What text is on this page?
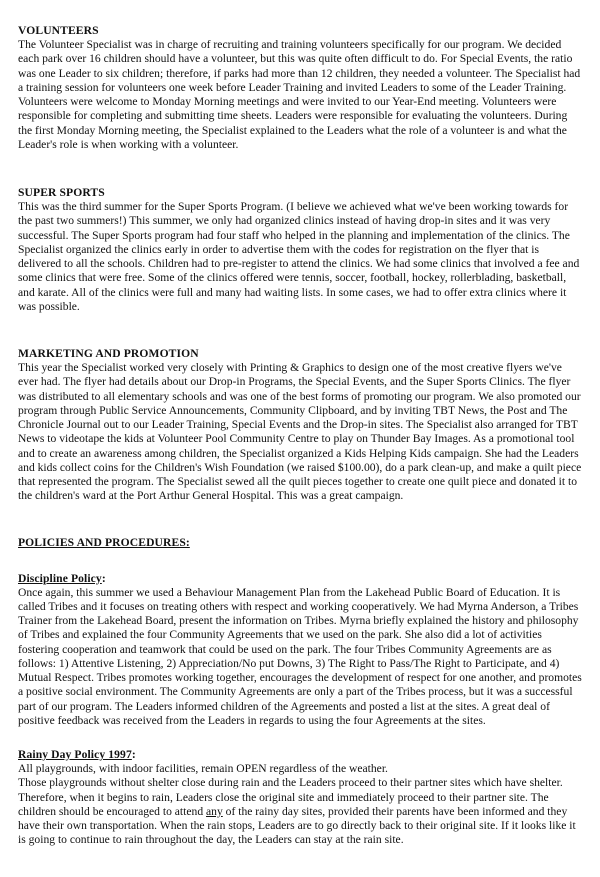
VOLUNTEERS

The Volunteer Specialist was in charge of recruiting and training volunteers specifically for our program. We decided each park over 16 children should have a volunteer, but this was quite often difficult to do. For Special Events, the ratio was one Leader to six children; therefore, if parks had more than 12 children, they needed a volunteer. The Specialist had a training session for volunteers one week before Leader Training and invited Leaders to some of the Leader Training. Volunteers were welcome to Monday Morning meetings and were invited to our Year-End meeting. Volunteers were responsible for completing and submitting time sheets. Leaders were responsible for evaluating the volunteers. During the first Monday Morning meeting, the Specialist explained to the Leaders what the role of a volunteer is and what the Leader's role is when working with a volunteer.

SUPER SPORTS

This was the third summer for the Super Sports Program. (I believe we achieved what we've been working towards for the past two summers!) This summer, we only had organized clinics instead of having drop-in sites and it was very successful. The Super Sports program had four staff who helped in the planning and implementation of the clinics. The Specialist organized the clinics early in order to advertise them with the codes for registration on the flyer that is delivered to all the schools. Children had to pre-register to attend the clinics. We had some clinics that involved a fee and some clinics that were free. Some of the clinics offered were tennis, soccer, football, hockey, rollerblading, basketball, and karate. All of the clinics were full and many had waiting lists. In some cases, we had to offer extra clinics where it was possible.

MARKETING AND PROMOTION

This year the Specialist worked very closely with Printing & Graphics to design one of the most creative flyers we've ever had. The flyer had details about our Drop-in Programs, the Special Events, and the Super Sports Clinics. The flyer was distributed to all elementary schools and was one of the best forms of promoting our program. We also promoted our program through Public Service Announcements, Community Clipboard, and by inviting TBT News, the Post and The Chronicle Journal out to our Leader Training, Special Events and the Drop-in sites. The Specialist also arranged for TBT News to videotape the kids at Volunteer Pool Community Centre to play on Thunder Bay Images. As a promotional tool and to create an awareness among children, the Specialist organized a Kids Helping Kids campaign. She had the Leaders and kids collect coins for the Children's Wish Foundation (we raised $100.00), do a park clean-up, and make a quilt piece that represented the program. The Specialist sewed all the quilt pieces together to create one quilt piece and donated it to the children's ward at the Port Arthur General Hospital. This was a great campaign.

POLICIES AND PROCEDURES:

Discipline Policy:

Once again, this summer we used a Behaviour Management Plan from the Lakehead Public Board of Education. It is called Tribes and it focuses on treating others with respect and working cooperatively. We had Myrna Anderson, a Tribes Trainer from the Lakehead Board, present the information on Tribes. Myrna briefly explained the history and philosophy of Tribes and explained the four Community Agreements that we used on the park. She also did a lot of activities fostering cooperation and teamwork that could be used on the park. The four Tribes Community Agreements are as follows: 1) Attentive Listening, 2) Appreciation/No put Downs, 3) The Right to Pass/The Right to Participate, and 4) Mutual Respect. Tribes promotes working together, encourages the development of respect for one another, and promotes a positive social environment. The Community Agreements are only a part of the Tribes process, but it was a successful part of our program. The Leaders informed children of the Agreements and posted a list at the sites. A great deal of positive feedback was received from the Leaders in regards to using the four Agreements at the sites.

Rainy Day Policy 1997:

All playgrounds, with indoor facilities, remain OPEN regardless of the weather.

Those playgrounds without shelter close during rain and the Leaders proceed to their partner sites which have shelter. Therefore, when it begins to rain, Leaders close the original site and immediately proceed to their partner site. The children should be encouraged to attend any of the rainy day sites, provided their parents have been informed and they have their own transportation. When the rain stops, Leaders are to go directly back to their original site. If it looks like it is going to continue to rain throughout the day, the Leaders can stay at the rain site.
